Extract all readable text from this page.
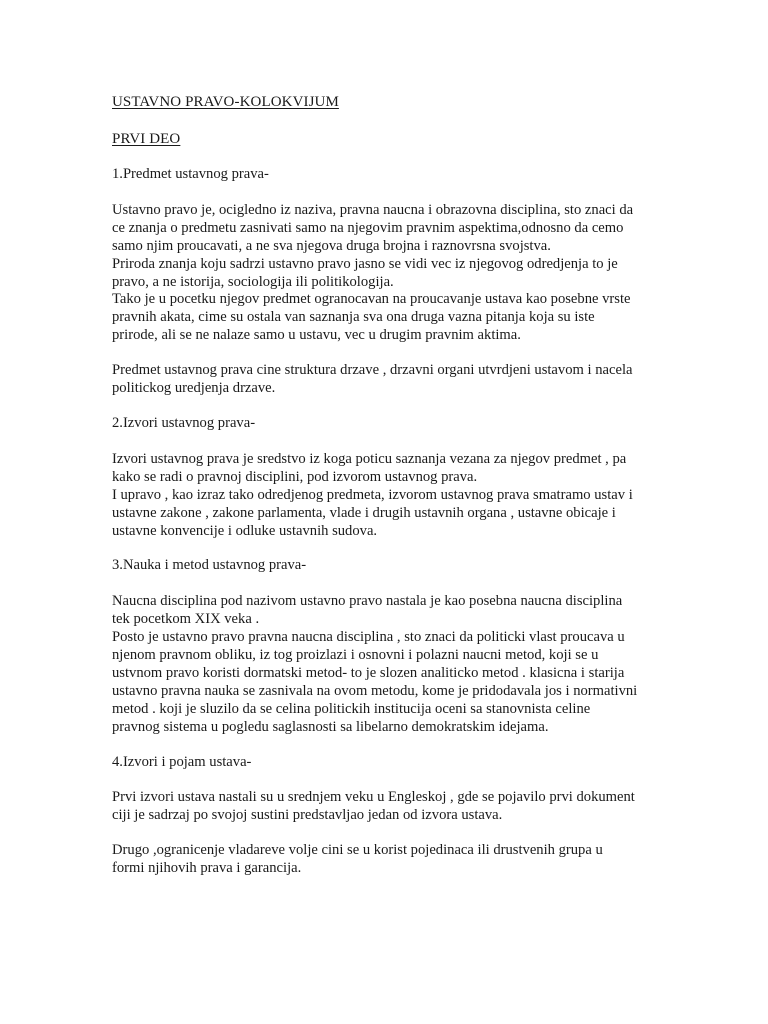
USTAVNO PRAVO-KOLOKVIJUM
PRVI DEO
1.Predmet ustavnog prava-
Ustavno pravo je, ocigledno iz naziva, pravna naucna i obrazovna disciplina, sto znaci da
ce znanja o predmetu zasnivati samo na njegovim pravnim aspektima,odnosno da cemo
samo njim proucavati, a ne sva njegova druga brojna i raznovrsna svojstva.
Priroda znanja koju sadrzi ustavno pravo jasno se vidi vec iz njegovog odredjenja to je
pravo, a ne istorija, sociologija ili politikologija.
Tako je u pocetku njegov predmet ogranocavan na proucavanje ustava kao posebne vrste
pravnih akata, cime su ostala van saznanja sva ona druga vazna pitanja koja su iste
prirode, ali se ne nalaze samo u ustavu, vec u drugim pravnim aktima.
Predmet ustavnog prava cine struktura drzave , drzavni organi utvrdjeni ustavom i nacela
politickog uredjenja drzave.
2.Izvori ustavnog prava-
Izvori ustavnog prava je sredstvo iz koga poticu saznanja vezana za njegov predmet , pa
kako se radi o pravnoj disciplini, pod izvorom ustavnog prava.
I upravo , kao izraz tako odredjenog predmeta, izvorom ustavnog prava smatramo ustav i
ustavne zakone , zakone parlamenta, vlade i drugih ustavnih organa , ustavne obicaje i
ustavne konvencije i odluke ustavnih sudova.
3.Nauka i metod ustavnog prava-
Naucna disciplina pod nazivom ustavno pravo nastala je kao posebna naucna disciplina
tek pocetkom XIX veka .
Posto je ustavno pravo pravna naucna disciplina , sto znaci da politicki vlast proucava u
njenom pravnom obliku, iz tog proizlazi i osnovni i polazni naucni metod, koji se u
ustvnom pravo koristi dormatski metod- to je slozen analiticko metod . klasicna i starija
ustavno pravna nauka se zasnivala na ovom metodu, kome je pridodavala jos i normativni
metod . koji je sluzilo da se celina politickih institucija oceni sa stanovnista celine
pravnog sistema u pogledu saglasnosti sa libelarno demokratskim idejama.
4.Izvori i pojam ustava-
Prvi izvori ustava nastali su u srednjem veku u Engleskoj , gde se pojavilo prvi dokument
ciji je sadrzaj po svojoj sustini predstavljao jedan od izvora ustava.
Drugo ,ogranicenje vladareve volje cini se u korist pojedinaca ili drustvenih grupa u
formi njihovih prava i garancija.
